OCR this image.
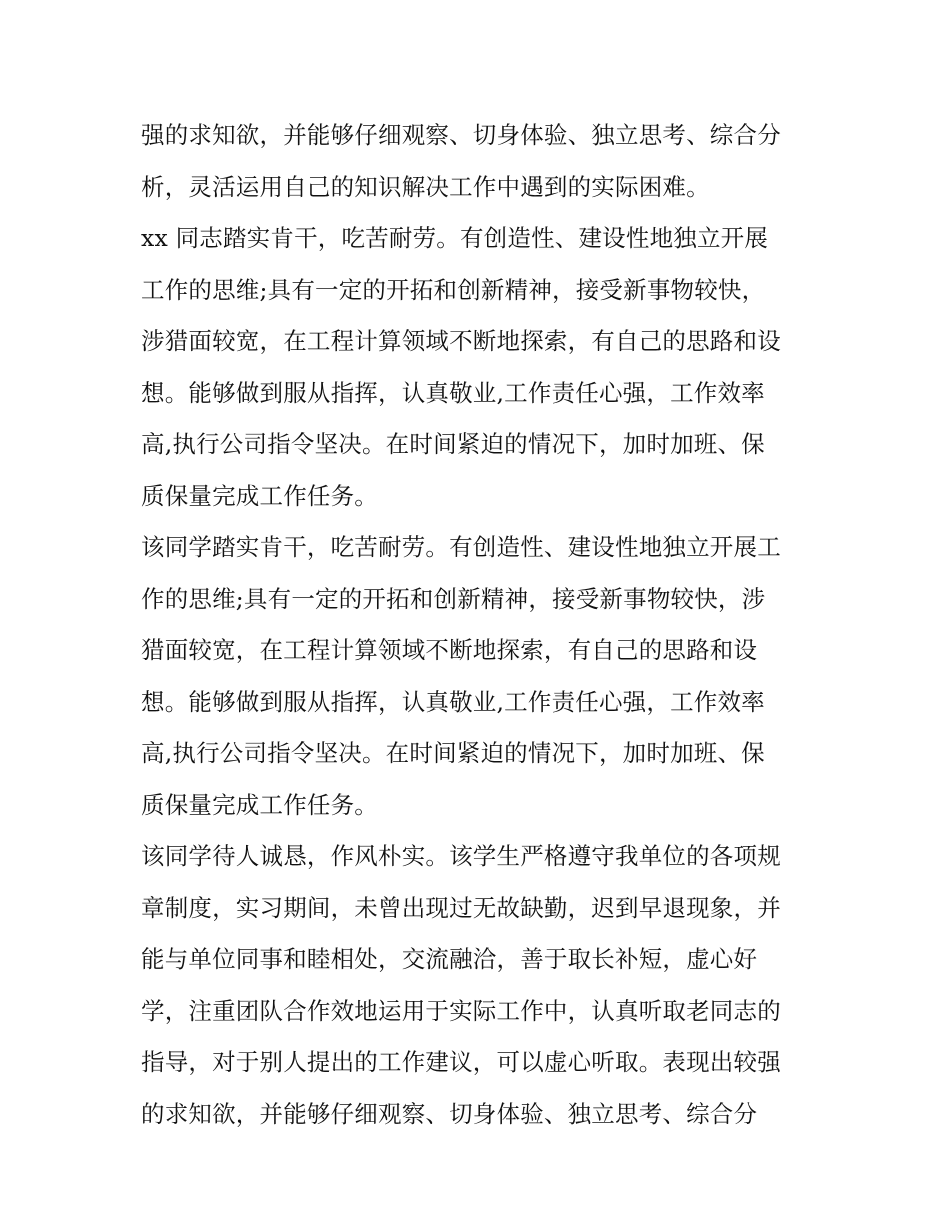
强的求知欲，并能够仔细观察、切身体验、独立思考、综合分
析，灵活运用自己的知识解决工作中遇到的实际困难。
xx 同志踏实肯干，吃苦耐劳。有创造性、建设性地独立开展
工作的思维;具有一定的开拓和创新精神，接受新事物较快，
涉猎面较宽，在工程计算领域不断地探索，有自己的思路和设
想。能够做到服从指挥，认真敬业,工作责任心强，工作效率
高,执行公司指令坚决。在时间紧迫的情况下，加时加班、保
质保量完成工作任务。
该同学踏实肯干，吃苦耐劳。有创造性、建设性地独立开展工
作的思维;具有一定的开拓和创新精神，接受新事物较快，涉
猎面较宽，在工程计算领域不断地探索，有自己的思路和设
想。能够做到服从指挥，认真敬业,工作责任心强，工作效率
高,执行公司指令坚决。在时间紧迫的情况下，加时加班、保
质保量完成工作任务。
该同学待人诚恳，作风朴实。该学生严格遵守我单位的各项规
章制度，实习期间，未曾出现过无故缺勤，迟到早退现象，并
能与单位同事和睦相处，交流融洽，善于取长补短，虚心好
学，注重团队合作效地运用于实际工作中，认真听取老同志的
指导，对于别人提出的工作建议，可以虚心听取。表现出较强
的求知欲，并能够仔细观察、切身体验、独立思考、综合分
